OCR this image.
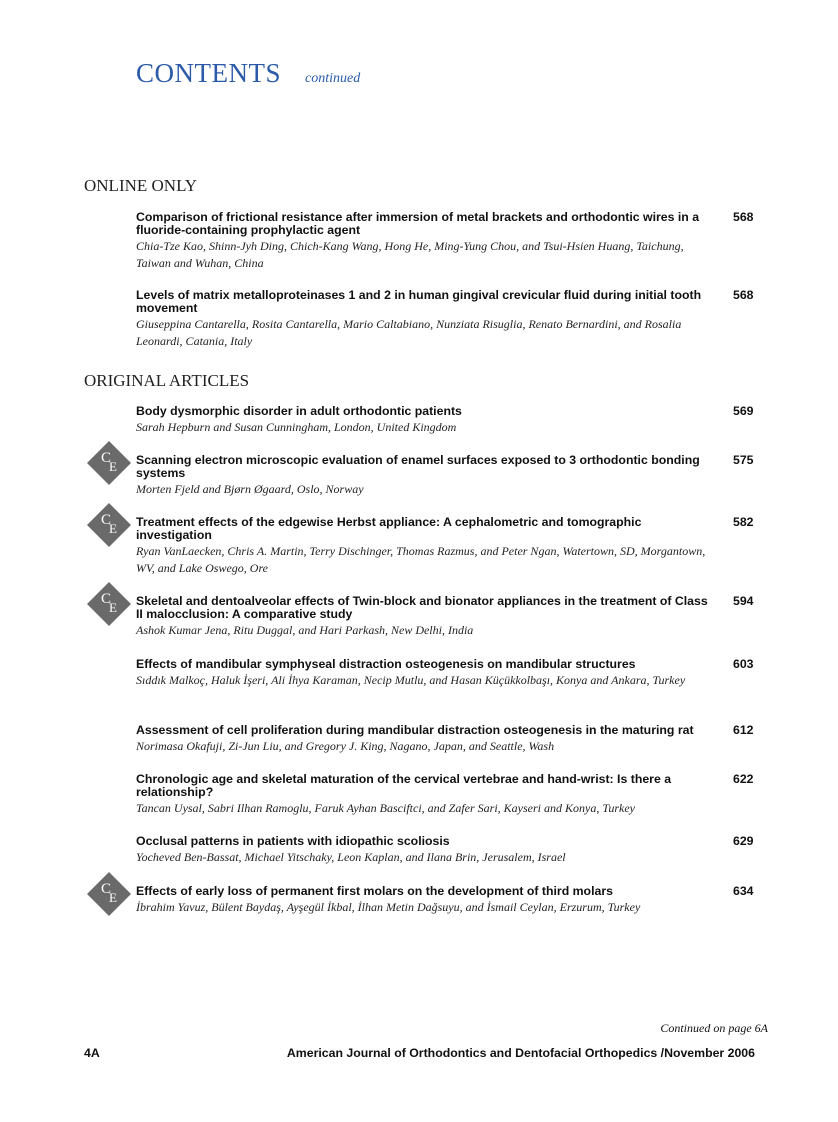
CONTENTS continued
ONLINE ONLY
ORIGINAL ARTICLES
Comparison of frictional resistance after immersion of metal brackets and orthodontic wires in a fluoride-containing prophylactic agent
Chia-Tze Kao, Shinn-Jyh Ding, Chich-Kang Wang, Hong He, Ming-Yung Chou, and Tsui-Hsien Huang, Taichung, Taiwan and Wuhan, China
568
Levels of matrix metalloproteinases 1 and 2 in human gingival crevicular fluid during initial tooth movement
Giuseppina Cantarella, Rosita Cantarella, Mario Caltabiano, Nunziata Risuglia, Renato Bernardini, and Rosalia Leonardi, Catania, Italy
568
Body dysmorphic disorder in adult orthodontic patients
Sarah Hepburn and Susan Cunningham, London, United Kingdom
569
C
E Scanning electron microscopic evaluation of enamel surfaces exposed to 3 orthodontic bonding systems
Morten Fjeld and Bjørn Øgaard, Oslo, Norway
575
C
E Treatment effects of the edgewise Herbst appliance: A cephalometric and tomographic investigation
Ryan VanLaecken, Chris A. Martin, Terry Dischinger, Thomas Razmus, and Peter Ngan, Watertown, SD, Morgantown, WV, and Lake Oswego, Ore
582
C
E Skeletal and dentoalveolar effects of Twin-block and bionator appliances in the treatment of Class II malocclusion: A comparative study
Ashok Kumar Jena, Ritu Duggal, and Hari Parkash, New Delhi, India
594
Effects of mandibular symphyseal distraction osteogenesis on mandibular structures
Sıddık Malkoç, Haluk İşeri, Ali İhya Karaman, Necip Mutlu, and Hasan Küçükkolbaşı, Konya and Ankara, Turkey
603
Assessment of cell proliferation during mandibular distraction osteogenesis in the maturing rat
Norimasa Okafuji, Zi-Jun Liu, and Gregory J. King, Nagano, Japan, and Seattle, Wash
612
Chronologic age and skeletal maturation of the cervical vertebrae and hand-wrist: Is there a relationship?
Tancan Uysal, Sabri Ilhan Ramoglu, Faruk Ayhan Basciftci, and Zafer Sari, Kayseri and Konya, Turkey
622
Occlusal patterns in patients with idiopathic scoliosis
Yocheved Ben-Bassat, Michael Yitschaky, Leon Kaplan, and Ilana Brin, Jerusalem, Israel
629
C
E Effects of early loss of permanent first molars on the development of third molars
İbrahim Yavuz, Bülent Baydaş, Ayşegül İkbal, İlhan Metin Dağsuyu, and İsmail Ceylan, Erzurum, Turkey
634
Continued on page 6A
4A	American Journal of Orthodontics and Dentofacial Orthopedics /November 2006
